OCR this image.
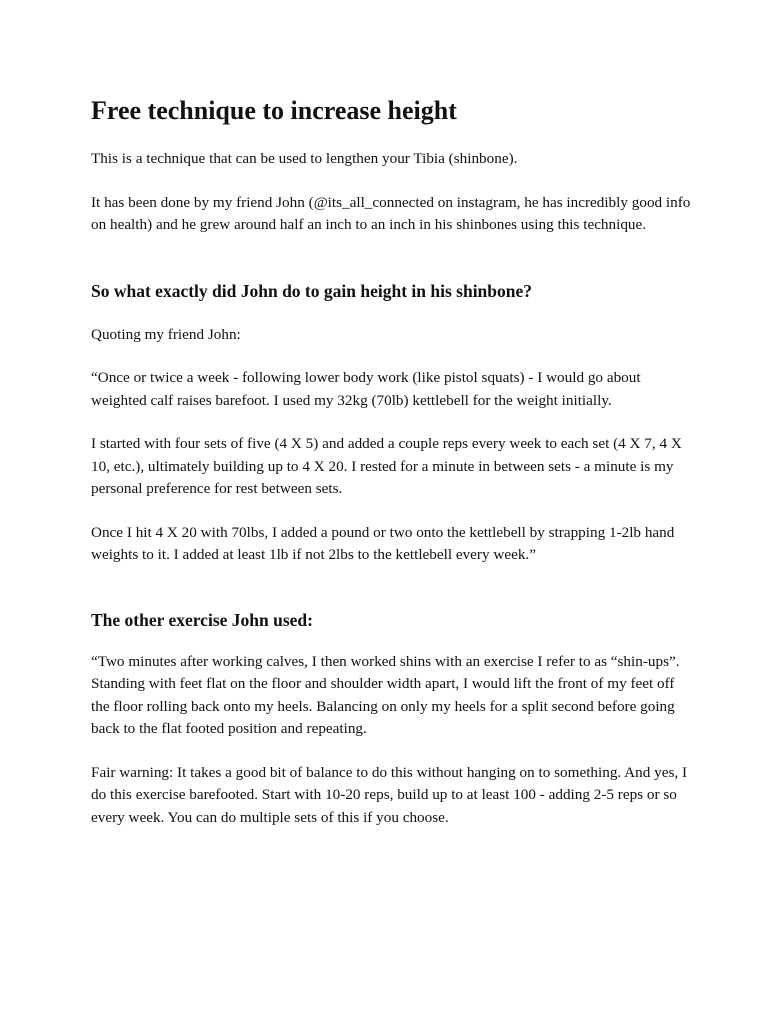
Free technique to increase height

This is a technique that can be used to lengthen your Tibia (shinbone).

It has been done by my friend John (@its_all_connected on instagram, he has incredibly good info on health) and he grew around half an inch to an inch in his shinbones using this technique.

So what exactly did John do to gain height in his shinbone?

Quoting my friend John:

“Once or twice a week - following lower body work (like pistol squats) - I would go about weighted calf raises barefoot. I used my 32kg (70lb) kettlebell for the weight initially.

I started with four sets of five (4 X 5) and added a couple reps every week to each set (4 X 7, 4 X 10, etc.), ultimately building up to 4 X 20. I rested for a minute in between sets - a minute is my personal preference for rest between sets.

Once I hit 4 X 20 with 70lbs, I added a pound or two onto the kettlebell by strapping 1-2lb hand weights to it. I added at least 1lb if not 2lbs to the kettlebell every week.”

The other exercise John used:

“Two minutes after working calves, I then worked shins with an exercise I refer to as “shin-ups”. Standing with feet flat on the floor and shoulder width apart, I would lift the front of my feet off the floor rolling back onto my heels. Balancing on only my heels for a split second before going back to the flat footed position and repeating.

Fair warning: It takes a good bit of balance to do this without hanging on to something. And yes, I do this exercise barefooted. Start with 10-20 reps, build up to at least 100 - adding 2-5 reps or so every week. You can do multiple sets of this if you choose.
